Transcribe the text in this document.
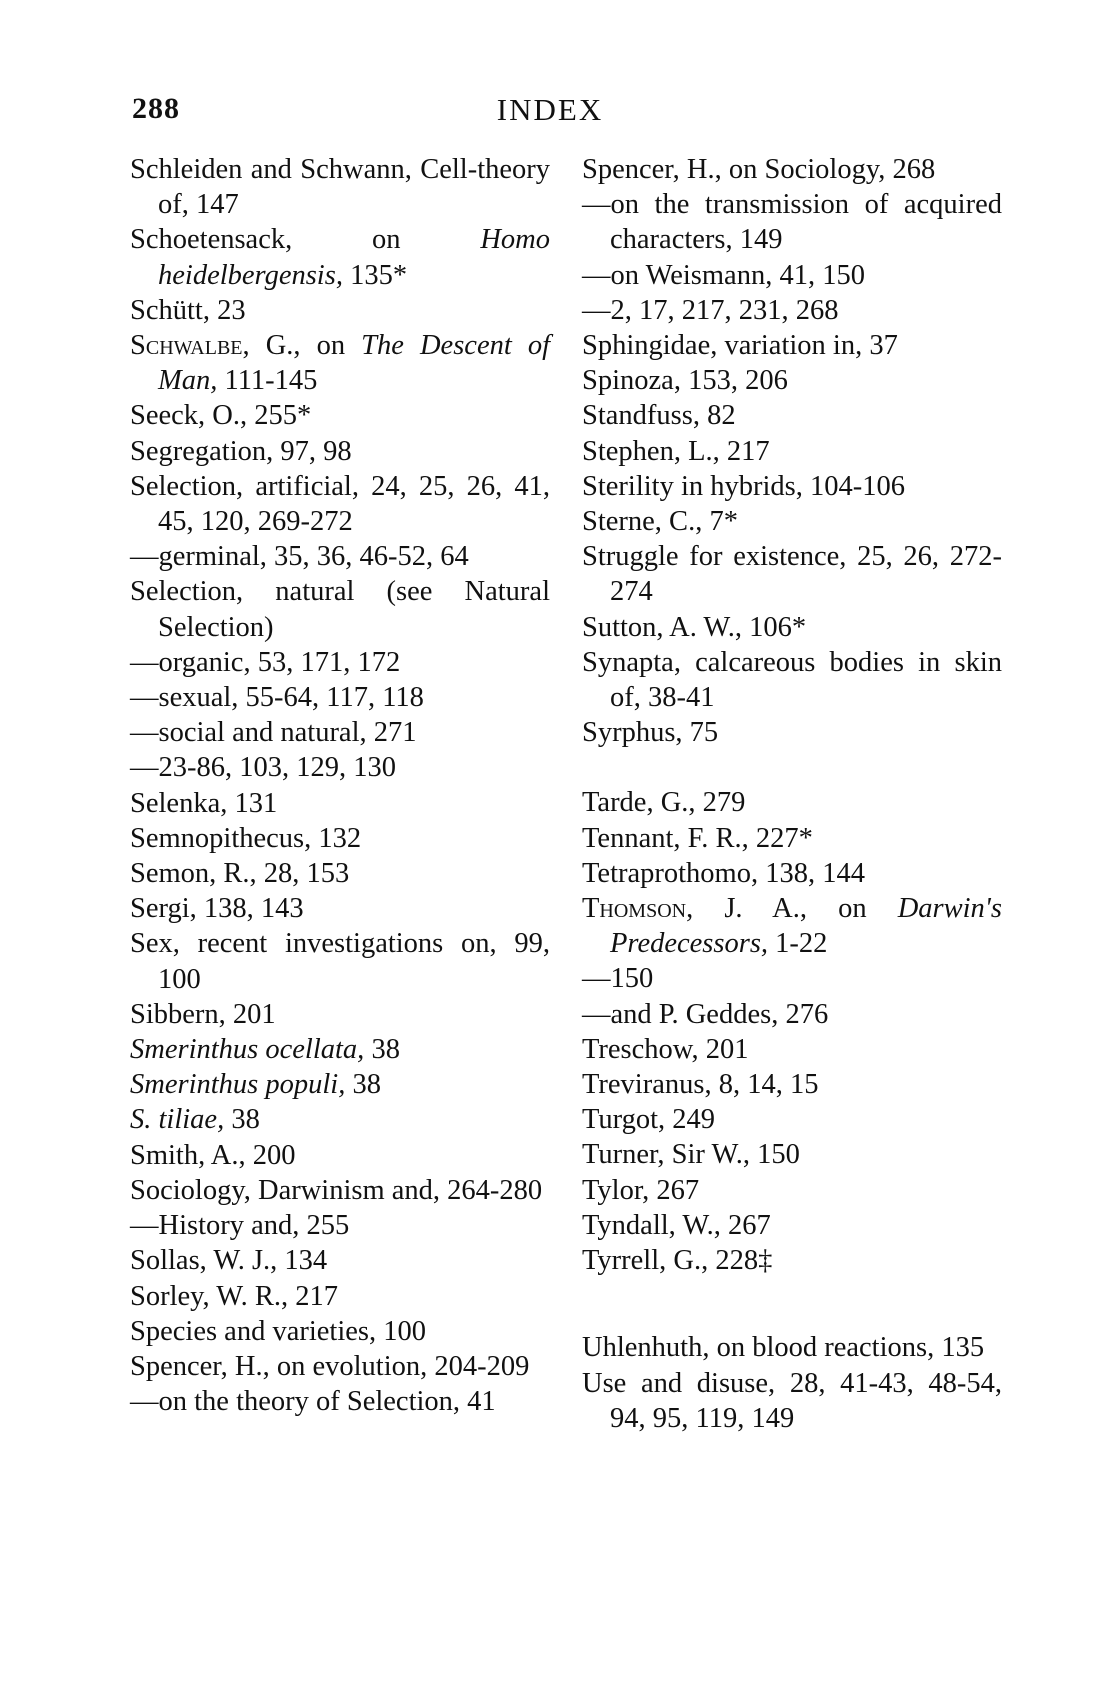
288	INDEX
Schleiden and Schwann, Cell-theory of, 147
Schoetensack, on Homo heidelbergensis, 135*
Schütt, 23
Schwalbe, G., on The Descent of Man, 111-145
Seeck, O., 255*
Segregation, 97, 98
Selection, artificial, 24, 25, 26, 41, 45, 120, 269-272
—germinal, 35, 36, 46-52, 64
Selection, natural (see Natural Selection)
—organic, 53, 171, 172
—sexual, 55-64, 117, 118
—social and natural, 271
—23-86, 103, 129, 130
Selenka, 131
Semnopithecus, 132
Semon, R., 28, 153
Sergi, 138, 143
Sex, recent investigations on, 99, 100
Sibbern, 201
Smerinthus ocellata, 38
Smerinthus populi, 38
S. tiliae, 38
Smith, A., 200
Sociology, Darwinism and, 264-280
—History and, 255
Sollas, W. J., 134
Sorley, W. R., 217
Species and varieties, 100
Spencer, H., on evolution, 204-209
—on the theory of Selection, 41
Spencer, H., on Sociology, 268
—on the transmission of acquired characters, 149
—on Weismann, 41, 150
—2, 17, 217, 231, 268
Sphingidae, variation in, 37
Spinoza, 153, 206
Standfuss, 82
Stephen, L., 217
Sterility in hybrids, 104-106
Sterne, C., 7*
Struggle for existence, 25, 26, 272-274
Sutton, A. W., 106*
Synapta, calcareous bodies in skin of, 38-41
Syrphus, 75
Tarde, G., 279
Tennant, F. R., 227*
Tetraprothomo, 138, 144
Thomson, J. A., on Darwin's Predecessors, 1-22
—150
—and P. Geddes, 276
Treschow, 201
Treviranus, 8, 14, 15
Turgot, 249
Turner, Sir W., 150
Tylor, 267
Tyndall, W., 267
Tyrrell, G., 228‡
Uhlenhuth, on blood reactions, 135
Use and disuse, 28, 41-43, 48-54, 94, 95, 119, 149
